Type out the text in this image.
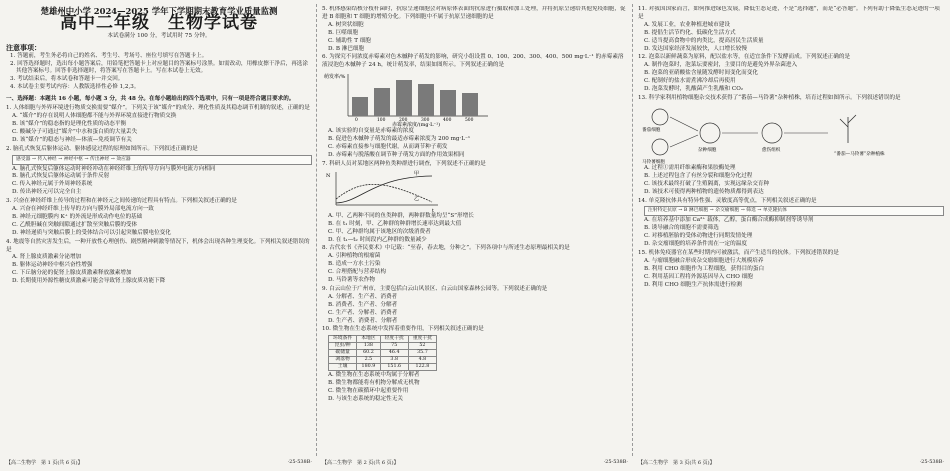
楚雄州中小学 2024—2025 学年下学期期末教育学业质量监测
高中二年级　生物学试卷
本试卷满分 100 分，考试用时 75 分钟。
注意事项：

1. 答题前，考生务必将自己的姓名、考生号、考场号、座位号填写在答题卡上。

2. 回答选择题时，选出每小题答案后，用铅笔把答题卡上对应题目的答案标号涂黑。如需改动，用橡皮擦干净后，再选涂其他答案标号。回答非选择题时，将答案写在答题卡上。写在本试卷上无效。

3. 考试结束后，将本试卷和答题卡一并交回。

4. 本试卷主要考试内容：人教版选择性必修 1,2,3。

一、选择题：本题共 16 小题，每小题 3 分，共 48 分。在每小题给出的四个选项中，只有一项是符合题目要求的。
1. 人体细胞与外界环境进行物质交换需要“媒介”。下列关于该“媒介”的成分、理化性质及其稳态调节机制的叙述，正确的是
A. “媒介”的存在说明人体细胞都不能与外界环境直接进行物质交换
B. 该“媒介”的稳态指的是理化性质的动态平衡
C. 酸碱分子可通过“媒介”中水和蛋白质的大量丢失
D. 该“媒介”的稳态与神经—体液—免疫调节有关
2. 脑孔式恢复后躯体运动、躯体感觉过程的原理如图所示。下列叙述正确的是
感受器 → 传入神经 → 神经中枢 → 传出神经 → 效应器
A. 脑孔式恢复后躯体运动时神经冲动在神经纤维上的传导方向与膜外电流方向相同
B. 脑孔式恢复后躯体运动属于条件反射
C. 传入神经元属于外周神经系统
D. 传出神经元可以完全自主
3. 兴奋在神经纤维上传导的过程和在神经元之间传递的过程具有特点。下列相关叙述正确的是
A. 兴奋在神经纤维上传导的方向与膜外局部电流方向一致
B. 神经元细胞膜内 K⁺ 的外流是形成动作电位的基础
C. 乙酰胆碱在突触间隙通过扩散至突触后膜的受体
D. 神经递质与突触后膜上的受体结合可以引起突触后膜电位变化
4. 地震等自然灾害发生后，一种开放性心理创伤、剧烈精神刺激等情况下，机体会出现各种生理变化。下列相关叙述错误的是
A. 肾上腺皮质激素分泌增加
B. 躯体运动神经中枢兴奋性增强
C. 下丘脑分泌的促肾上腺皮质激素释放激素增加
D. 长期使用外源性糖皮质激素可能会导致肾上腺皮质功能下降
5. 机体感染结核分枝杆菌时，抗原呈递细胞会对病原体表面的抗原进行摄取和加工处理，并将抗原呈递给其他免疫细胞，促进 B 细胞和 T 细胞的增殖分化。下列细胞中不属于抗原呈递细胞的是
A. 树突状细胞
B. 巨噬细胞
C. 辅助性 T 细胞
D. B 淋巴细胞
6. 为探究不同浓度赤霉素对色木槭种子萌发的影响，研究小组设置 0、100、200、300、400、500 mg·L⁻¹ 的赤霉素溶液浸泡色木槭种子 24 h，统计萌发率，结果如图所示。下列叙述正确的是
萌发率/%
赤霉素浓度/(mg·L⁻¹)
0	100	200	300	400	500
A. 该实验的自变量是赤霉素的浓度
B. 促进色木槭种子萌发的最适赤霉素浓度为 200 mg·L⁻¹
C. 赤霉素直接参与细胞代谢，从而调节种子萌发
D. 赤霉素与脱落酸在调节种子萌发方面的作用效果相同
7. 科研人员对某地区两种鱼类种群进行调查，下列叙述不正确的是
N
t
甲
乙
A. 甲、乙两种不同的鱼类种群，两种群数量均呈“S”形增长
B. 在 t₁ 时刻，甲、乙种群的种群增长速率达到最大值
C. 甲、乙种群均属于该地区的次级消费者
D. 在 t₁—t₂ 时间段内乙种群的数量减少
8. 古代农书《齐民要术》中记载：“至春，春去地，分种之”。下列各项中与所述生态原理最相关的是
A. 引种植物的根瘤菌
B. 造成一方水土污染
C. 合理搭配与营养结构
D. 马铃薯等农作物
9. 白云山位于广州市，主要包括白云山风景区、白云山国家森林公园等。下列叙述正确的是
A. 分解者、生产者、消费者
B. 消费者、生产者、分解者
C. 生产者、分解者、消费者
D. 生产者、消费者、分解者
10. 微生物在生态系统中发挥着重要作用，下列相关叙述正确的是
环境条件	本地区	轻度干扰	重度干扰
昆虫/种	138	75	52
碳储量	60.2	46.4	35.7
凋落物	2.5	3.8	4.8
土壤	180.9	151.6	122.8
A. 微生物在生态系统中均属于分解者
B. 微生物都能将有机物分解成无机物
C. 微生物在碳循环中起重要作用
D. 与该生态系统的稳定性无关
11. 对我国国家而言，如何推进绿色发展，降低生态足迹，不是“选择题”，而是“必答题”。下列有助于降低生态足迹的一项是
A. 发展工业，农业种植进城市建设
B. 提倡生活节约化、低碳化生活方式
C. 适当提高食物中的肉类比，提高居民生活质量
D. 发达国家经济发展较快，人口增长较慢
12. 泡菜以新鲜蔬菜为原料，配以盐水等，在适宜条件下发酵而成。下列叙述正确的是
A. 制作泡菜时，泡菜坛要密封，主要目的是避免外界杂菌进入
B. 泡菜的亚硝酸盐含量随发酵时间变化而变化
C. 配制好的盐水需煮沸冷却后再使用
D. 泡菜发酵时，乳酸菌产生乳酸和 CO₂
13. 科学家利用植物细胞杂交技术获得了“番茄—马铃薯”杂种植株，培育过程如图所示。下列叙述错误的是
番茄细胞
马铃薯细胞
杂种细胞	愈伤组织
“番茄—马铃薯”杂种植株
A. 过程①需用纤维素酶和果胶酶处理
B. 上述过程包含了有丝分裂和细胞分化过程
C. 该技术最终打破了生殖隔离，实现远缘杂交育种
D. 该技术可使得两种植物的遗传物质都得到表达
14. 单克隆抗体具有特异性强、灵敏度高等优点，下列相关叙述正确的是
注射特定抗原 → B 淋巴细胞 → 杂交瘤细胞 → 筛选 → 单克隆抗体
A. 在培养基中添加 Ca²⁺ 载体，乙醇，蛋白酶合成酶抑制剂等诱导剂
B. 诱导融合的细胞不需要筛选
C. 对移植胚胎的受体动物进行同期发情处理
D. 杂交瘤细胞的培养条件需在一定的温度
15. 机体免疫器官在某些时期内可被激活，而产生适当的抗体。下列叙述错误的是
A. 与瘤细胞融合形成杂交瘤细胞进行大规模培养
B. 利用 CHO 细胞作为工程细胞，获得目的蛋白
C. 利用基因工程将外源基因导入 CHO 细胞
D. 利用 CHO 细胞生产抗体需进行检测
【高二生物学　第 1 页(共 6 页)】	·25-538B· 【高二生物学　第 2 页(共 6 页)】	·25-538B· 【高二生物学　第 3 页(共 6 页)】	·25-538B·
